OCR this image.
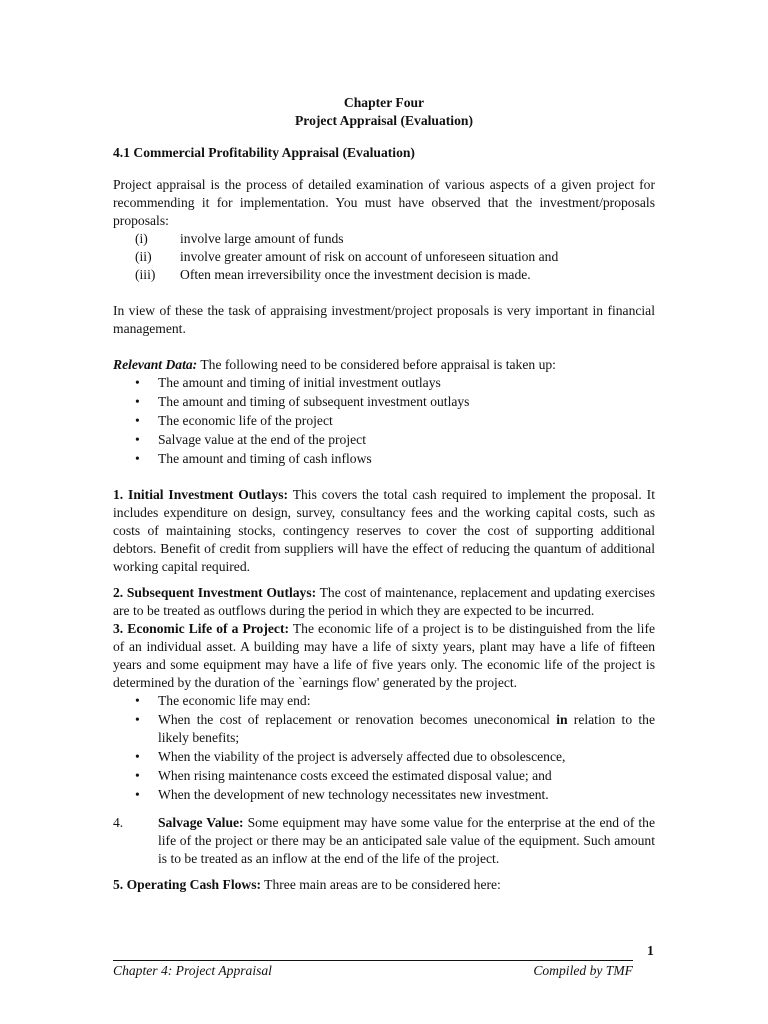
Chapter Four

Project Appraisal (Evaluation)

4.1 Commercial Profitability Appraisal (Evaluation)

Project appraisal is the process of detailed examination of various aspects of a given project for recommending it for implementation. You must have observed that the investment/proposals proposals:

(i)	involve large amount of funds
(ii)	involve greater amount of risk on account of unforeseen situation and
(iii)	Often mean irreversibility once the investment decision is made.

In view of these the task of appraising investment/project proposals is very important in financial management.

Relevant Data: The following need to be considered before appraisal is taken up:

• The amount and timing of initial investment outlays
• The amount and timing of subsequent investment outlays
• The economic life of the project
• Salvage value at the end of the project
• The amount and timing of cash inflows

1. Initial Investment Outlays: This covers the total cash required to implement the proposal. It includes expenditure on design, survey, consultancy fees and the working capital costs, such as costs of maintaining stocks, contingency reserves to cover the cost of supporting additional debtors. Benefit of credit from suppliers will have the effect of reducing the quantum of additional working capital required.

2. Subsequent Investment Outlays: The cost of maintenance, replacement and updating exercises are to be treated as outflows during the period in which they are expected to be incurred.

3. Economic Life of a Project: The economic life of a project is to be distinguished from the life of an individual asset. A building may have a life of sixty years, plant may have a life of fifteen years and some equipment may have a life of five years only. The economic life of the project is determined by the duration of the `earnings flow' generated by the project.

• The economic life may end:
• When the cost of replacement or renovation becomes uneconomical in relation to the likely benefits;
• When the viability of the project is adversely affected due to obsolescence,
• When rising maintenance costs exceed the estimated disposal value; and
• When the development of new technology necessitates new investment.
4.	Salvage Value: Some equipment may have some value for the enterprise at the end of the life of the project or there may be an anticipated sale value of the equipment. Such amount is to be treated as an inflow at the end of the life of the project.

5. Operating Cash Flows: Three main areas are to be considered here:

1
Chapter 4: Project Appraisal	Compiled by TMF
